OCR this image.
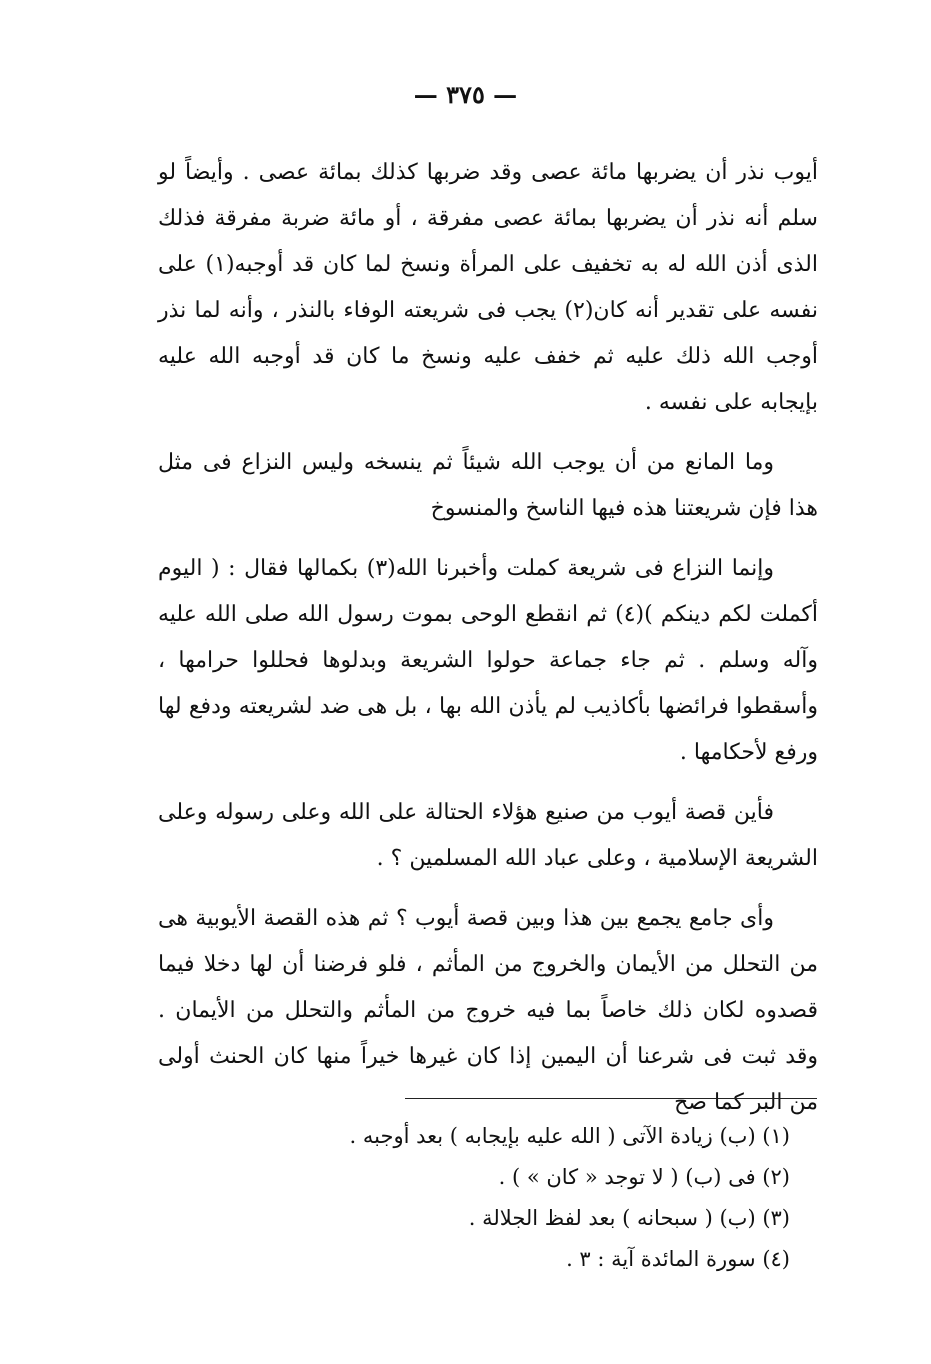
— ٣٧٥ —

أيوب نذر أن يضربها مائة عصى وقد ضربها كذلك بمائة عصى . وأيضاً لو سلم أنه نذر أن يضربها بمائة عصى مفرقة ، أو مائة ضربة مفرقة فذلك الذى أذن الله له به تخفيف على المرأة ونسخ لما كان قد أوجبه(١) على نفسه على تقدير أنه كان(٢) يجب فى شريعته الوفاء بالنذر ، وأنه لما نذر أوجب الله ذلك عليه ثم خفف عليه ونسخ ما كان قد أوجبه الله عليه بإيجابه على نفسه .

وما المانع من أن يوجب الله شيئاً ثم ينسخه وليس النزاع فى مثل هذا فإن شريعتنا هذه فيها الناسخ والمنسوخ

وإنما النزاع فى شريعة كملت وأخبرنا الله(٣) بكمالها فقال : ( اليوم أكملت لكم دينكم )(٤) ثم انقطع الوحى بموت رسول الله صلى الله عليه وآله وسلم . ثم جاء جماعة حولوا الشريعة وبدلوها فحللوا حرامها ، وأسقطوا فرائضها بأكاذيب لم يأذن الله بها ، بل هى ضد لشريعته ودفع لها ورفع لأحكامها .

فأين قصة أيوب من صنيع هؤلاء الحتالة على الله وعلى رسوله وعلى الشريعة الإسلامية ، وعلى عباد الله المسلمين ؟ .

وأى جامع يجمع بين هذا وبين قصة أيوب ؟ ثم هذه القصة الأيوبية هى من التحلل من الأيمان والخروج من المأثم ، فلو فرضنا أن لها دخلا فيما قصدوه لكان ذلك خاصاً بما فيه خروج من المأثم والتحلل من الأيمان . وقد ثبت فى شرعنا أن اليمين إذا كان غيرها خيراً منها كان الحنث أولى من البر كما صح

(١) (ب) زيادة الآتى ( الله عليه بإيجابه ) بعد أوجبه .
(٢) فى (ب) ( لا توجد « كان » ) .
(٣) (ب) ( سبحانه ) بعد لفظ الجلالة .
(٤) سورة المائدة آية : ٣ .
